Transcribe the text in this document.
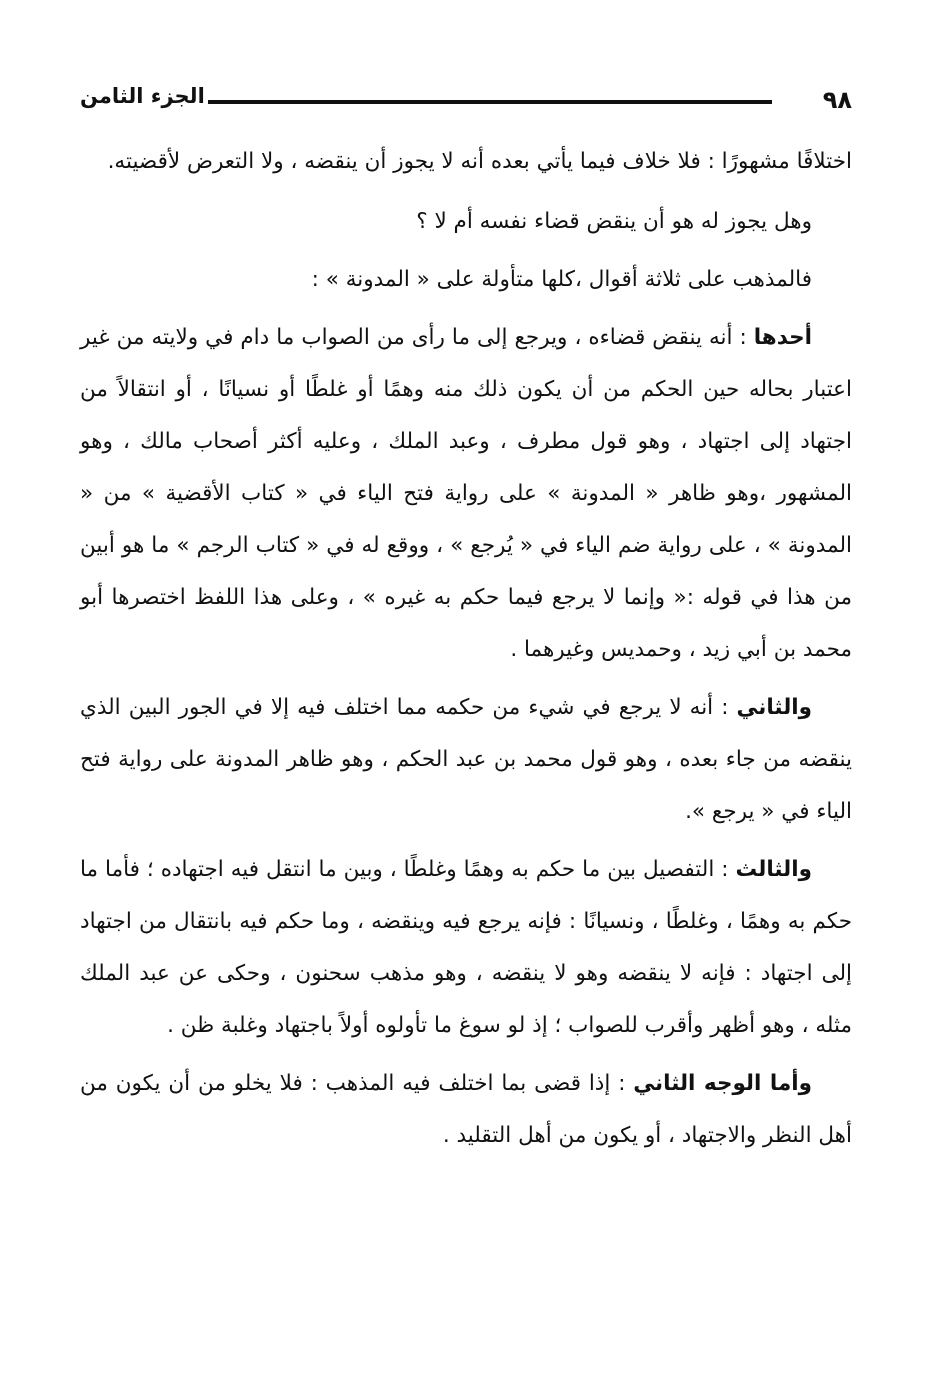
٩٨
الجزء الثامن

اختلافًا مشهورًا : فلا خلاف فيما يأتي بعده أنه لا يجوز أن ينقضه ، ولا التعرض لأقضيته.

وهل يجوز له هو أن ينقض قضاء نفسه أم لا ؟

فالمذهب على ثلاثة أقوال ،كلها متأولة على « المدونة » :

أحدها : أنه ينقض قضاءه ، ويرجع إلى ما رأى من الصواب ما دام في ولايته من غير اعتبار بحاله حين الحكم من أن يكون ذلك منه وهمًا أو غلطًا أو نسيانًا ، أو انتقالاً من اجتهاد إلى اجتهاد ، وهو قول مطرف ، وعبد الملك ، وعليه أكثر أصحاب مالك ، وهو المشهور ،وهو ظاهر « المدونة » على رواية فتح الياء في « كتاب الأقضية » من « المدونة » ، على رواية ضم الياء في « يُرجع » ، ووقع له في « كتاب الرجم » ما هو أبين من هذا في قوله :« وإنما لا يرجع فيما حكم به غيره » ، وعلى هذا اللفظ اختصرها أبو محمد بن أبي زيد ، وحمديس وغيرهما .

والثاني : أنه لا يرجع في شيء من حكمه مما اختلف فيه إلا في الجور البين الذي ينقضه من جاء بعده ، وهو قول محمد بن عبد الحكم ، وهو ظاهر المدونة على رواية فتح الياء في « يرجع ».

والثالث : التفصيل بين ما حكم به وهمًا وغلطًا ، وبين ما انتقل فيه اجتهاده ؛ فأما ما حكم به وهمًا ، وغلطًا ، ونسيانًا : فإنه يرجع فيه وينقضه ، وما حكم فيه بانتقال من اجتهاد إلى اجتهاد : فإنه لا ينقضه وهو لا ينقضه ، وهو مذهب سحنون ، وحكى عن عبد الملك مثله ، وهو أظهر وأقرب للصواب ؛ إذ لو سوغ ما تأولوه أولاً باجتهاد وغلبة ظن .

وأما الوجه الثاني : إذا قضى بما اختلف فيه المذهب : فلا يخلو من أن يكون من أهل النظر والاجتهاد ، أو يكون من أهل التقليد .
